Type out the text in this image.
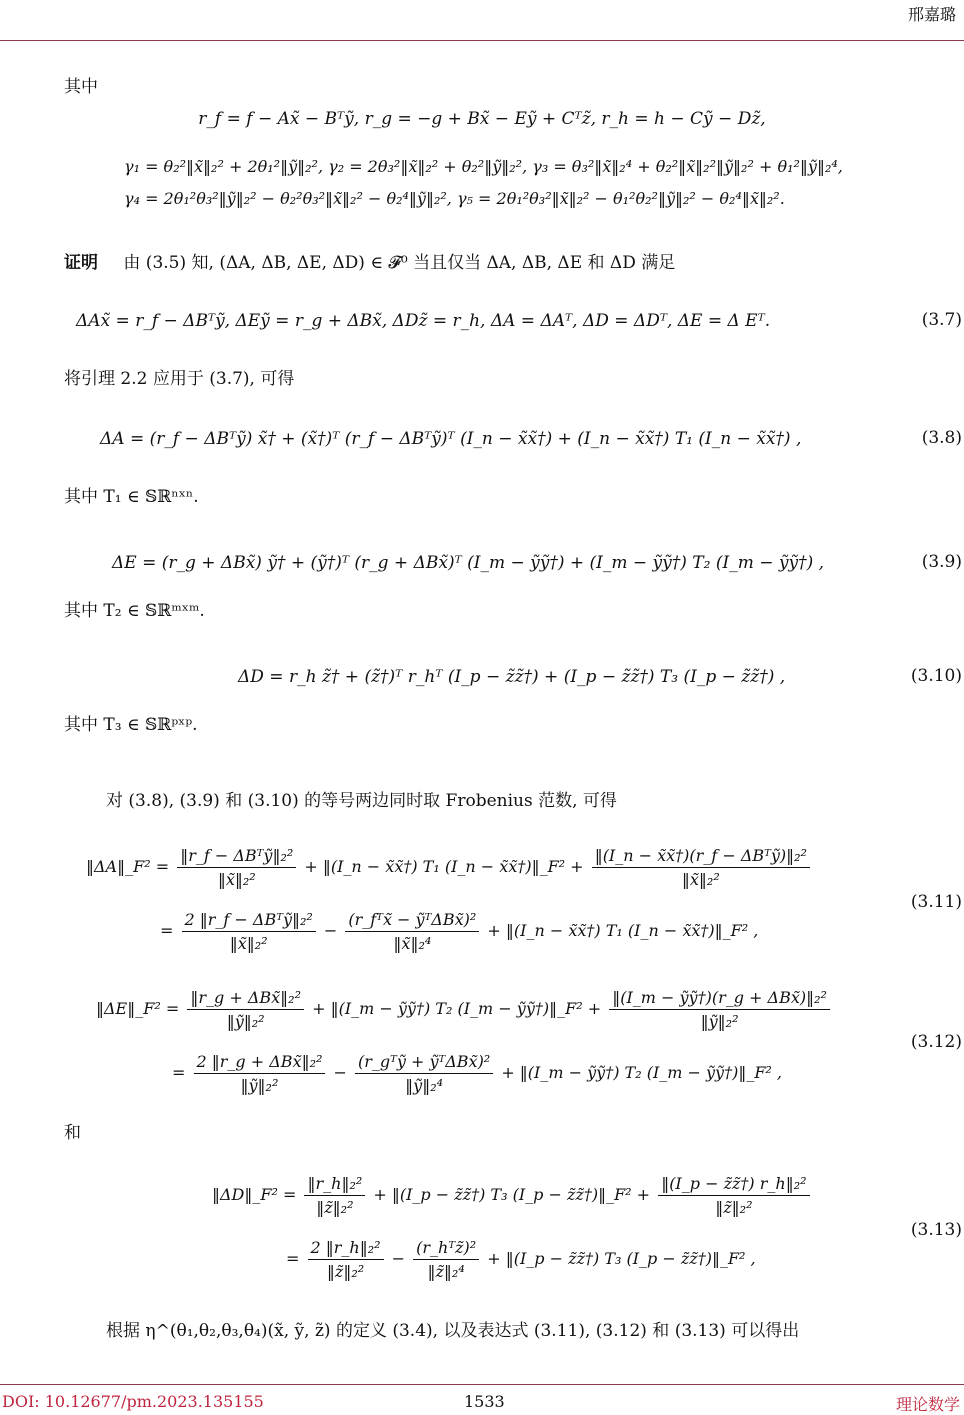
邢嘉璐
其中
r_f = f − Ax̃ − Bᵀỹ, r_g = −g + Bx̃ − Eỹ + Cᵀz̃, r_h = h − Cỹ − Dz̃,
γ₁ = θ₂²‖x̃‖₂² + 2θ₁²‖ỹ‖₂², γ₂ = 2θ₃²‖x̃‖₂² + θ₂²‖ỹ‖₂², γ₃ = θ₃²‖x̃‖₂⁴ + θ₂²‖x̃‖₂²‖ỹ‖₂² + θ₁²‖ỹ‖₂⁴,
γ₄ = 2θ₁²θ₃²‖ỹ‖₂² − θ₂²θ₃²‖x̃‖₂² − θ₂⁴‖ỹ‖₂², γ₅ = 2θ₁²θ₃²‖x̃‖₂² − θ₁²θ₂²‖ỹ‖₂² − θ₂⁴‖x̃‖₂².
证明 由 (3.5) 知, (ΔA, ΔB, ΔE, ΔD) ∈ 𝓕⁰ 当且仅当 ΔA, ΔB, ΔE 和 ΔD 满足
ΔAx̃ = r_f − ΔBᵀỹ, ΔEỹ = r_g + ΔBx̃, ΔDz̃ = r_h, ΔA = ΔAᵀ, ΔD = ΔDᵀ, ΔE = Δ Eᵀ.	(3.7)
将引理 2.2 应用于 (3.7), 可得
ΔA = (r_f − ΔBᵀỹ) x̃† + (x̃†)ᵀ (r_f − ΔBᵀỹ)ᵀ (I_n − x̃x̃†) + (I_n − x̃x̃†) T₁ (I_n − x̃x̃†) ,	(3.8)
其中 T₁ ∈ 𝕊ℝⁿˣⁿ.
ΔE = (r_g + ΔBx̃) ỹ† + (ỹ†)ᵀ (r_g + ΔBx̃)ᵀ (I_m − ỹỹ†) + (I_m − ỹỹ†) T₂ (I_m − ỹỹ†) ,	(3.9)
其中 T₂ ∈ 𝕊ℝᵐˣᵐ.
ΔD = r_h z̃† + (z̃†)ᵀ r_hᵀ (I_p − z̃z̃†) + (I_p − z̃z̃†) T₃ (I_p − z̃z̃†) ,	(3.10)
其中 T₃ ∈ 𝕊ℝᵖˣᵖ.
对 (3.8), (3.9) 和 (3.10) 的等号两边同时取 Frobenius 范数, 可得
‖ΔA‖_F² = $\frac{\text{‖r\_f − ΔBᵀỹ‖₂²}}{\text{‖x̃‖₂²}}$ + ‖(I_n − x̃x̃†) T₁ (I_n − x̃x̃†)‖_F² + $\frac{\text{‖(I\_n − x̃x̃†)(r\_f − ΔBᵀỹ)‖₂²}}{\text{‖x̃‖₂²}}$
= $\frac{\text{2 ‖r\_f − ΔBᵀỹ‖₂²}}{\text{‖x̃‖₂²}} - \frac{\text{(r\_fᵀx̃ − ỹᵀΔBx̃)²}}{\text{‖x̃‖₂⁴}}$ + ‖(I_n − x̃x̃†) T₁ (I_n − x̃x̃†)‖_F² ,
(3.11)
‖ΔE‖_F² = $\frac{\text{‖r\_g + ΔBx̃‖₂²}}{\text{‖ỹ‖₂²}}$ + ‖(I_m − ỹỹ†) T₂ (I_m − ỹỹ†)‖_F² + $\frac{\text{‖(I\_m − ỹỹ†)(r\_g + ΔBx̃)‖₂²}}{\text{‖ỹ‖₂²}}$
= $\frac{\text{2 ‖r\_g + ΔBx̃‖₂²}}{\text{‖ỹ‖₂²}} - \frac{\text{(r\_gᵀỹ + ỹᵀΔBx̃)²}}{\text{‖ỹ‖₂⁴}}$ + ‖(I_m − ỹỹ†) T₂ (I_m − ỹỹ†)‖_F² ,
(3.12)
和
‖ΔD‖_F² = $\frac{\text{‖r\_h‖₂²}}{\text{‖z̃‖₂²}}$ + ‖(I_p − z̃z̃†) T₃ (I_p − z̃z̃†)‖_F² + $\frac{\text{‖(I\_p − z̃z̃†) r\_h‖₂²}}{\text{‖z̃‖₂²}}$
= $\frac{\text{2 ‖r\_h‖₂²}}{\text{‖z̃‖₂²}} - \frac{\text{(r\_hᵀz̃)²}}{\text{‖z̃‖₂⁴}}$ + ‖(I_p − z̃z̃†) T₃ (I_p − z̃z̃†)‖_F² ,
(3.13)
根据 η^(θ₁,θ₂,θ₃,θ₄)(x̃, ỹ, z̃) 的定义 (3.4), 以及表达式 (3.11), (3.12) 和 (3.13) 可以得出
DOI: 10.12677/pm.2023.135155	1533	理论数学
